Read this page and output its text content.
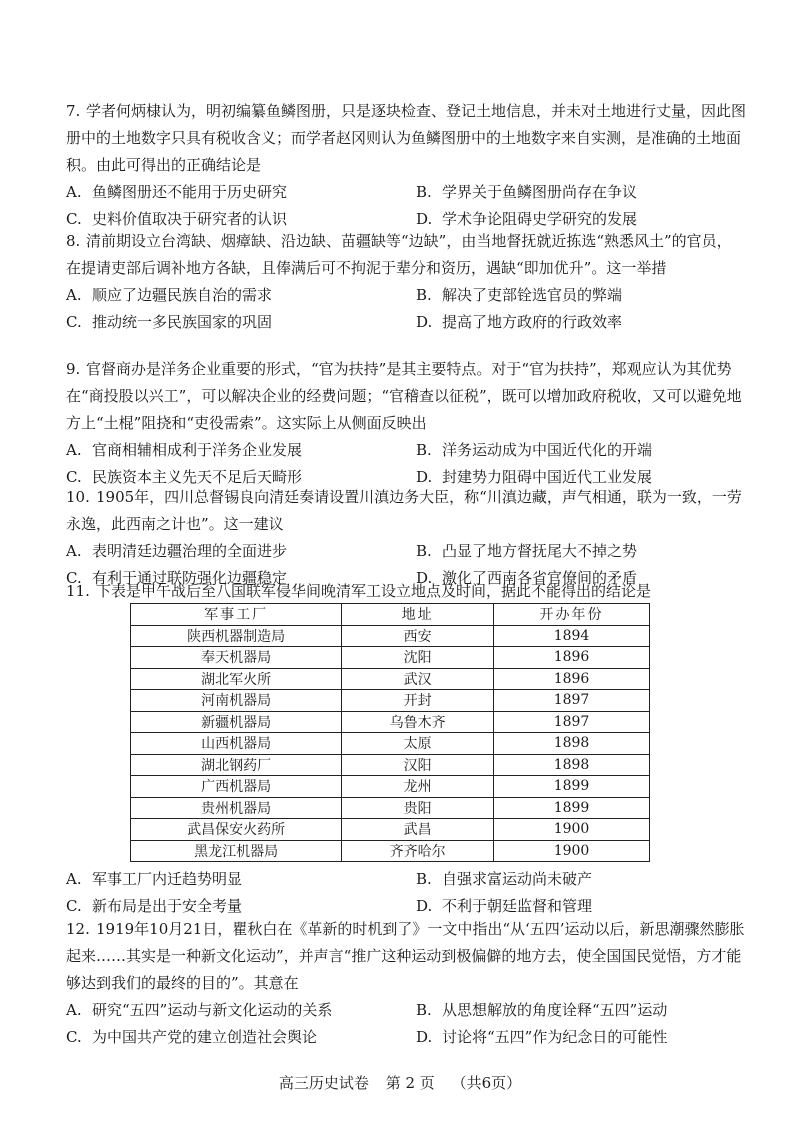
7. 学者何炳棣认为，明初编纂鱼鳞图册，只是逐块检查、登记土地信息，并未对土地进行丈量，因此图册中的土地数字只具有税收含义；而学者赵冈则认为鱼鳞图册中的土地数字来自实测，是准确的土地面积。由此可得出的正确结论是
A. 鱼鳞图册还不能用于历史研究	B. 学界关于鱼鳞图册尚存在争议
C. 史料价值取决于研究者的认识	D. 学术争论阻碍史学研究的发展
8. 清前期设立台湾缺、烟瘴缺、沿边缺、苗疆缺等“边缺”，由当地督抚就近拣选“熟悉风土”的官员，在提请吏部后调补地方各缺，且俸满后可不拘泥于辈分和资历，遇缺“即加优升”。这一举措
A. 顺应了边疆民族自治的需求	B. 解决了吏部铨选官员的弊端
C. 推动统一多民族国家的巩固	D. 提高了地方政府的行政效率
9. 官督商办是洋务企业重要的形式，“官为扶持”是其主要特点。对于“官为扶持”，郑观应认为其优势在“商投股以兴工”，可以解决企业的经费问题；“官稽查以征税”，既可以增加政府税收，又可以避免地方上“土棍”阻挠和“吏役需索”。这实际上从侧面反映出
A. 官商相辅相成利于洋务企业发展	B. 洋务运动成为中国近代化的开端
C. 民族资本主义先天不足后天畸形	D. 封建势力阻碍中国近代工业发展
10. 1905年，四川总督锡良向清廷奏请设置川滇边务大臣，称“川滇边藏，声气相通，联为一致，一劳永逸，此西南之计也”。这一建议
A. 表明清廷边疆治理的全面进步	B. 凸显了地方督抚尾大不掉之势
C. 有利于通过联防强化边疆稳定	D. 激化了西南各省官僚间的矛盾
11. 下表是甲午战后至八国联军侵华间晚清军工设立地点及时间，据此不能得出的结论是
军事工厂	地址	开办年份
陕西机器制造局	西安	1894
奉天机器局	沈阳	1896
湖北军火所	武汉	1896
河南机器局	开封	1897
新疆机器局	乌鲁木齐	1897
山西机器局	太原	1898
湖北钢药厂	汉阳	1898
广西机器局	龙州	1899
贵州机器局	贵阳	1899
武昌保安火药所	武昌	1900
黑龙江机器局	齐齐哈尔	1900
A. 军事工厂内迁趋势明显	B. 自强求富运动尚未破产
C. 新布局是出于安全考量	D. 不利于朝廷监督和管理
12. 1919年10月21日，瞿秋白在《革新的时机到了》一文中指出“从‘五四’运动以后，新思潮骤然膨胀起来……其实是一种新文化运动”，并声言“推广这种运动到极偏僻的地方去，使全国国民觉悟，方才能够达到我们的最终的目的”。其意在
A. 研究“五四”运动与新文化运动的关系	B. 从思想解放的角度诠释“五四”运动
C. 为中国共产党的建立创造社会舆论	D. 讨论将“五四”作为纪念日的可能性
高三历史试卷 第 2 页 （共6页）
